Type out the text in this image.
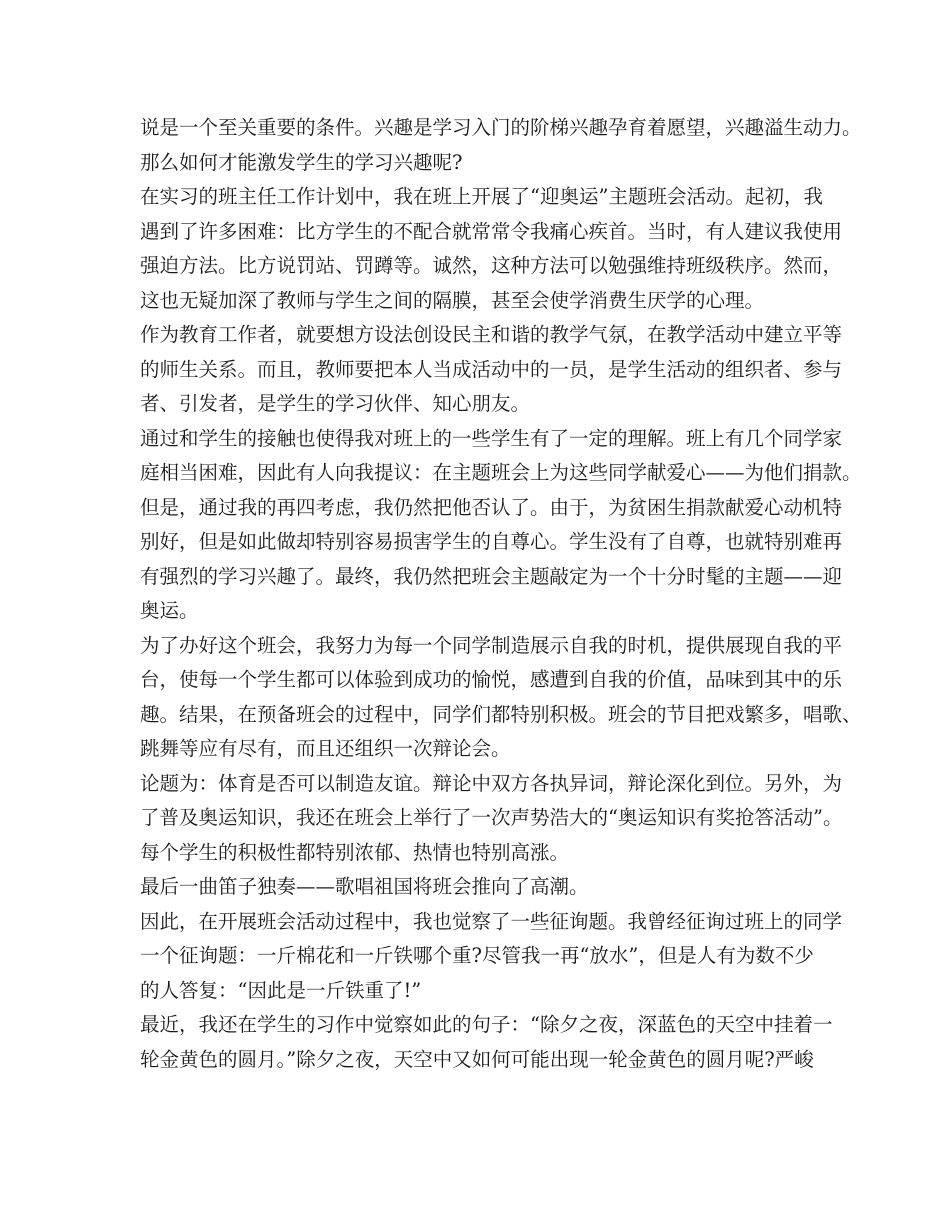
说是一个至关重要的条件。兴趣是学习入门的阶梯兴趣孕育着愿望，兴趣溢生动力。
那么如何才能激发学生的学习兴趣呢?
在实习的班主任工作计划中，我在班上开展了“迎奥运”主题班会活动。起初，我
遇到了许多困难：比方学生的不配合就常常令我痛心疾首。当时，有人建议我使用
强迫方法。比方说罚站、罚蹲等。诚然，这种方法可以勉强维持班级秩序。然而，
这也无疑加深了教师与学生之间的隔膜，甚至会使学消费生厌学的心理。
作为教育工作者，就要想方设法创设民主和谐的教学气氛，在教学活动中建立平等
的师生关系。而且，教师要把本人当成活动中的一员，是学生活动的组织者、参与
者、引发者，是学生的学习伙伴、知心朋友。
通过和学生的接触也使得我对班上的一些学生有了一定的理解。班上有几个同学家
庭相当困难，因此有人向我提议：在主题班会上为这些同学献爱心——为他们捐款。
但是，通过我的再四考虑，我仍然把他否认了。由于，为贫困生捐款献爱心动机特
别好，但是如此做却特别容易损害学生的自尊心。学生没有了自尊，也就特别难再
有强烈的学习兴趣了。最终，我仍然把班会主题敲定为一个十分时髦的主题——迎
奥运。
为了办好这个班会，我努力为每一个同学制造展示自我的时机，提供展现自我的平
台，使每一个学生都可以体验到成功的愉悦，感遭到自我的价值，品味到其中的乐
趣。结果，在预备班会的过程中，同学们都特别积极。班会的节目把戏繁多，唱歌、
跳舞等应有尽有，而且还组织一次辩论会。
论题为：体育是否可以制造友谊。辩论中双方各执异词，辩论深化到位。另外，为
了普及奥运知识，我还在班会上举行了一次声势浩大的“奥运知识有奖抢答活动”。
每个学生的积极性都特别浓郁、热情也特别高涨。
最后一曲笛子独奏——歌唱祖国将班会推向了高潮。
因此，在开展班会活动过程中，我也觉察了一些征询题。我曾经征询过班上的同学
一个征询题：一斤棉花和一斤铁哪个重?尽管我一再“放水”，但是人有为数不少
的人答复：“因此是一斤铁重了!”
最近，我还在学生的习作中觉察如此的句子：“除夕之夜，深蓝色的天空中挂着一
轮金黄色的圆月。”除夕之夜，天空中又如何可能出现一轮金黄色的圆月呢?严峻
